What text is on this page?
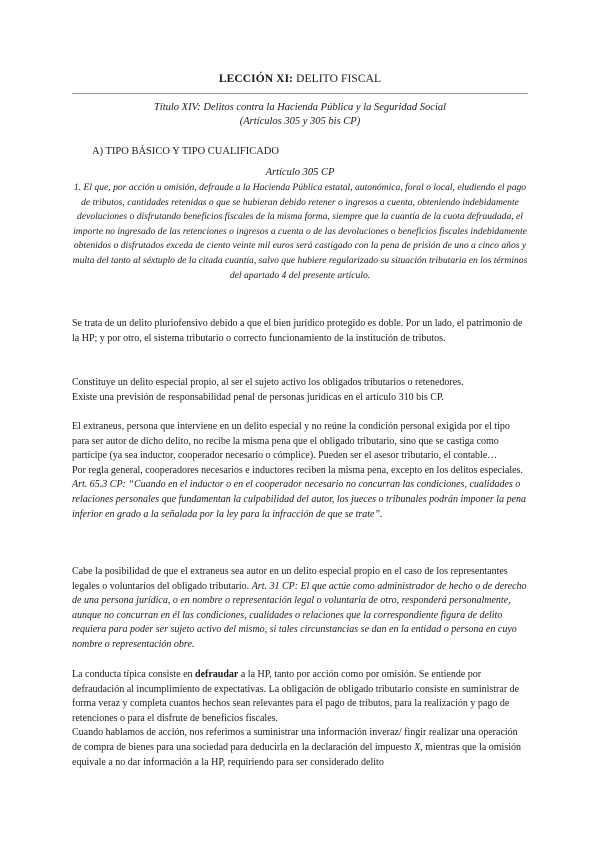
LECCIÓN XI: DELITO FISCAL
Título XIV: Delitos contra la Hacienda Pública y la Seguridad Social
(Artículos 305 y 305 bis CP)
A) TIPO BÁSICO Y TIPO CUALIFICADO
Artículo 305 CP
1. El que, por acción u omisión, defraude a la Hacienda Pública estatal, autonómica, foral o local, eludiendo el pago de tributos, cantidades retenidas o que se hubieran debido retener o ingresos a cuenta, obteniendo indebidamente devoluciones o disfrutando beneficios fiscales de la misma forma, siempre que la cuantía de la cuota defraudada, el importe no ingresado de las retenciones o ingresos a cuenta o de las devoluciones o beneficios fiscales indebidamente obtenidos o disfrutados exceda de ciento veinte mil euros será castigado con la pena de prisión de uno a cinco años y multa del tanto al séxtuplo de la citada cuantía, salvo que hubiere regularizado su situación tributaria en los términos del apartado 4 del presente artículo.
Se trata de un delito pluriofensivo debido a que el bien jurídico protegido es doble. Por un lado, el patrimonio de la HP; y por otro, el sistema tributario o correcto funcionamiento de la institución de tributos.
Constituye un delito especial propio, al ser el sujeto activo los obligados tributarios o retenedores.
Existe una previsión de responsabilidad penal de personas jurídicas en el artículo 310 bis CP.
El extraneus, persona que interviene en un delito especial y no reúne la condición personal exigida por el tipo para ser autor de dicho delito, no recibe la misma pena que el obligado tributario, sino que se castiga como partícipe (ya sea inductor, cooperador necesario o cómplice). Pueden ser el asesor tributario, el contable…
Por regla general, cooperadores necesarios e inductores reciben la misma pena, excepto en los delitos especiales. Art. 65.3 CP: “Cuando en el inductor o en el cooperador necesario no concurran las condiciones, cualidades o relaciones personales que fundamentan la culpabilidad del autor, los jueces o tribunales podrán imponer la pena inferior en grado a la señalada por la ley para la infracción de que se trate”.
Cabe la posibilidad de que el extraneus sea autor en un delito especial propio en el caso de los representantes legales o voluntarios del obligado tributario. Art. 31 CP: El que actúe como administrador de hecho o de derecho de una persona jurídica, o en nombre o representación legal o voluntaria de otro, responderá personalmente, aunque no concurran en él las condiciones, cualidades o relaciones que la correspondiente figura de delito requiera para poder ser sujeto activo del mismo, si tales circunstancias se dan en la entidad o persona en cuyo nombre o representación obre.
La conducta típica consiste en defraudar a la HP, tanto por acción como por omisión. Se entiende por defraudación al incumplimiento de expectativas. La obligación de obligado tributario consiste en suministrar de forma veraz y completa cuantos hechos sean relevantes para el pago de tributos, para la realización y pago de retenciones o para el disfrute de beneficios fiscales.
Cuando hablamos de acción, nos referimos a suministrar una información inveraz/ fingir realizar una operación de compra de bienes para una sociedad para deducirla en la declaración del impuesto X, mientras que la omisión equivale a no dar información a la HP, requiriendo para ser considerado delito
